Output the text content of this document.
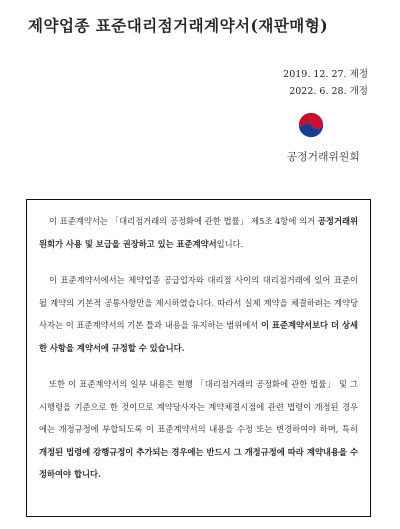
제약업종 표준대리점거래계약서(재판매형)
2019. 12. 27. 제정
2022. 6. 28. 개정
공정거래위원회

이 표준계약서는 「대리점거래의 공정화에 관한 법률」 제5조 4항에 의거 공정거래위원회가 사용 및 보급을 권장하고 있는 표준계약서입니다.

이 표준계약서에서는 제약업종 공급업자와 대리점 사이의 대리점거래에 있어 표준이 될 계약의 기본적 공통사항만을 제시하였습니다. 따라서 실제 계약을 체결하려는 계약당사자는 이 표준계약서의 기본 틀과 내용을 유지하는 범위에서 이 표준계약서보다 더 상세한 사항을 계약서에 규정할 수 있습니다.

또한 이 표준계약서의 일부 내용은 현행 「대리점거래의 공정화에 관한 법률」 및 그 시행령을 기준으로 한 것이므로 계약당사자는 계약체결시점에 관련 법령이 개정된 경우에는 개정규정에 부합되도록 이 표준계약서의 내용을 수정 또는 변경하여야 하며, 특히 개정된 법령에 강행규정이 추가되는 경우에는 반드시 그 개정규정에 따라 계약내용을 수정하여야 합니다.
